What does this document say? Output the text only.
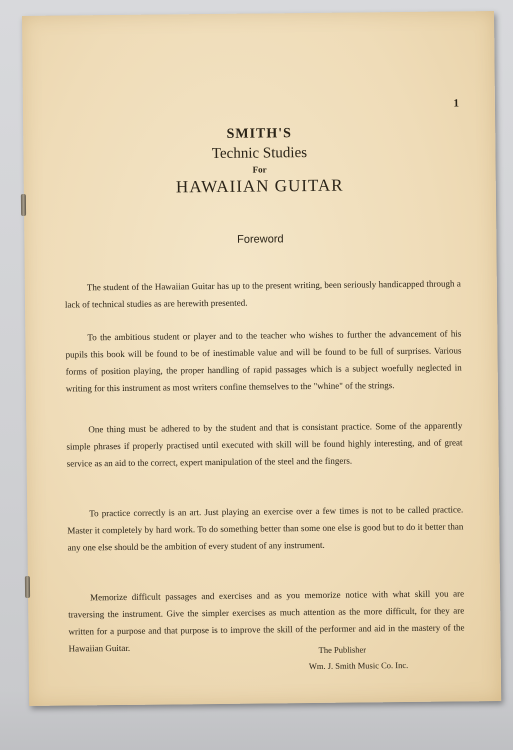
1
SMITH'S
Technic Studies
For
HAWAIIAN GUITAR
Foreword

The student of the Hawaiian Guitar has up to the present writing, been seriously handicapped through a lack of technical studies as are herewith presented.

To the ambitious student or player and to the teacher who wishes to further the advancement of his pupils this book will be found to be of inestimable value and will be found to be full of surprises. Various forms of position playing, the proper handling of rapid passages which is a subject woefully neglected in writing for this instrument as most writers confine themselves to the "whine" of the strings.

One thing must be adhered to by the student and that is consistant practice. Some of the apparently simple phrases if properly practised until executed with skill will be found highly interesting, and of great service as an aid to the correct, expert manipulation of the steel and the fingers.

To practice correctly is an art. Just playing an exercise over a few times is not to be called practice. Master it completely by hard work. To do something better than some one else is good but to do it better than any one else should be the ambition of every student of any instrument.

Memorize difficult passages and exercises and as you memorize notice with what skill you are traversing the instrument. Give the simpler exercises as much attention as the more difficult, for they are written for a purpose and that purpose is to improve the skill of the performer and aid in the mastery of the Hawaiian Guitar.	The Publisher
Wm. J. Smith Music Co. Inc.
